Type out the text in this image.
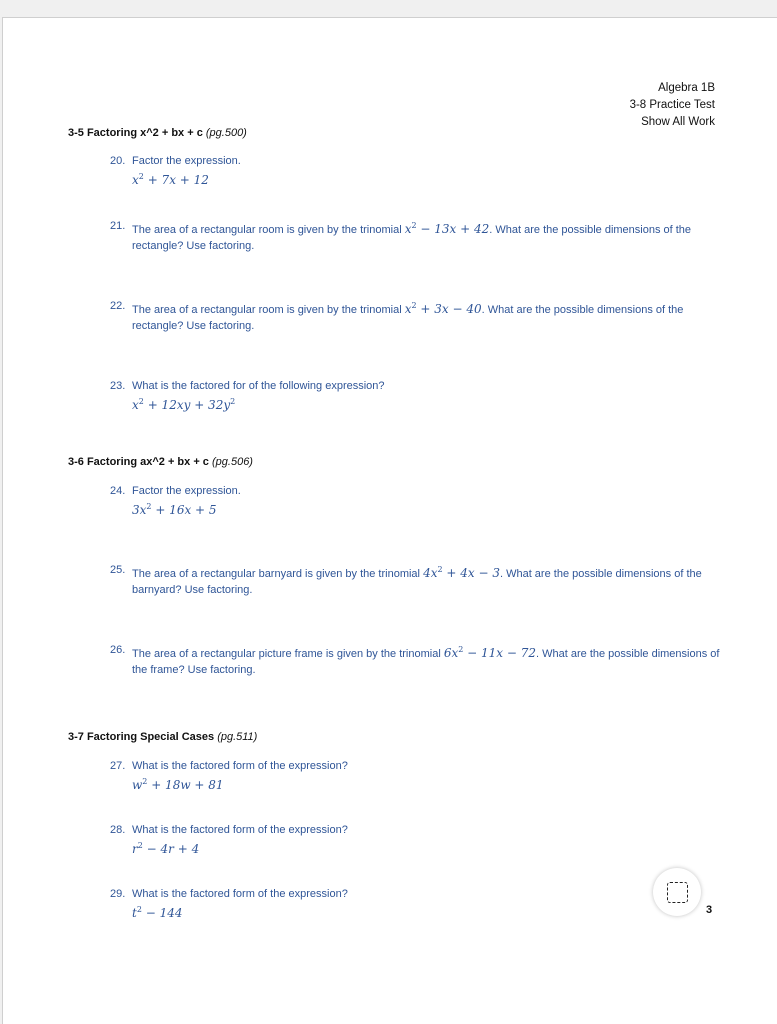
Algebra 1B
3-8 Practice Test
Show All Work
3-5 Factoring x^2 + bx + c (pg.500)
20. Factor the expression.
$x^2 + 7x + 12$
21. The area of a rectangular room is given by the trinomial $x^2 - 13x + 42$. What are the possible dimensions of the rectangle? Use factoring.
22. The area of a rectangular room is given by the trinomial $x^2 + 3x - 40$. What are the possible dimensions of the rectangle? Use factoring.
23. What is the factored for of the following expression?
$x^2 + 12xy + 32y^2$
3-6 Factoring ax^2 + bx + c (pg.506)
24. Factor the expression.
$3x^2 + 16x + 5$
25. The area of a rectangular barnyard is given by the trinomial $4x^2 + 4x - 3$. What are the possible dimensions of the barnyard? Use factoring.
26. The area of a rectangular picture frame is given by the trinomial $6x^2 - 11x - 72$. What are the possible dimensions of the frame? Use factoring.
3-7 Factoring Special Cases (pg.511)
27. What is the factored form of the expression?
$w^2 + 18w + 81$
28. What is the factored form of the expression?
$r^2 - 4r + 4$
29. What is the factored form of the expression?
$t^2 - 144$	3
